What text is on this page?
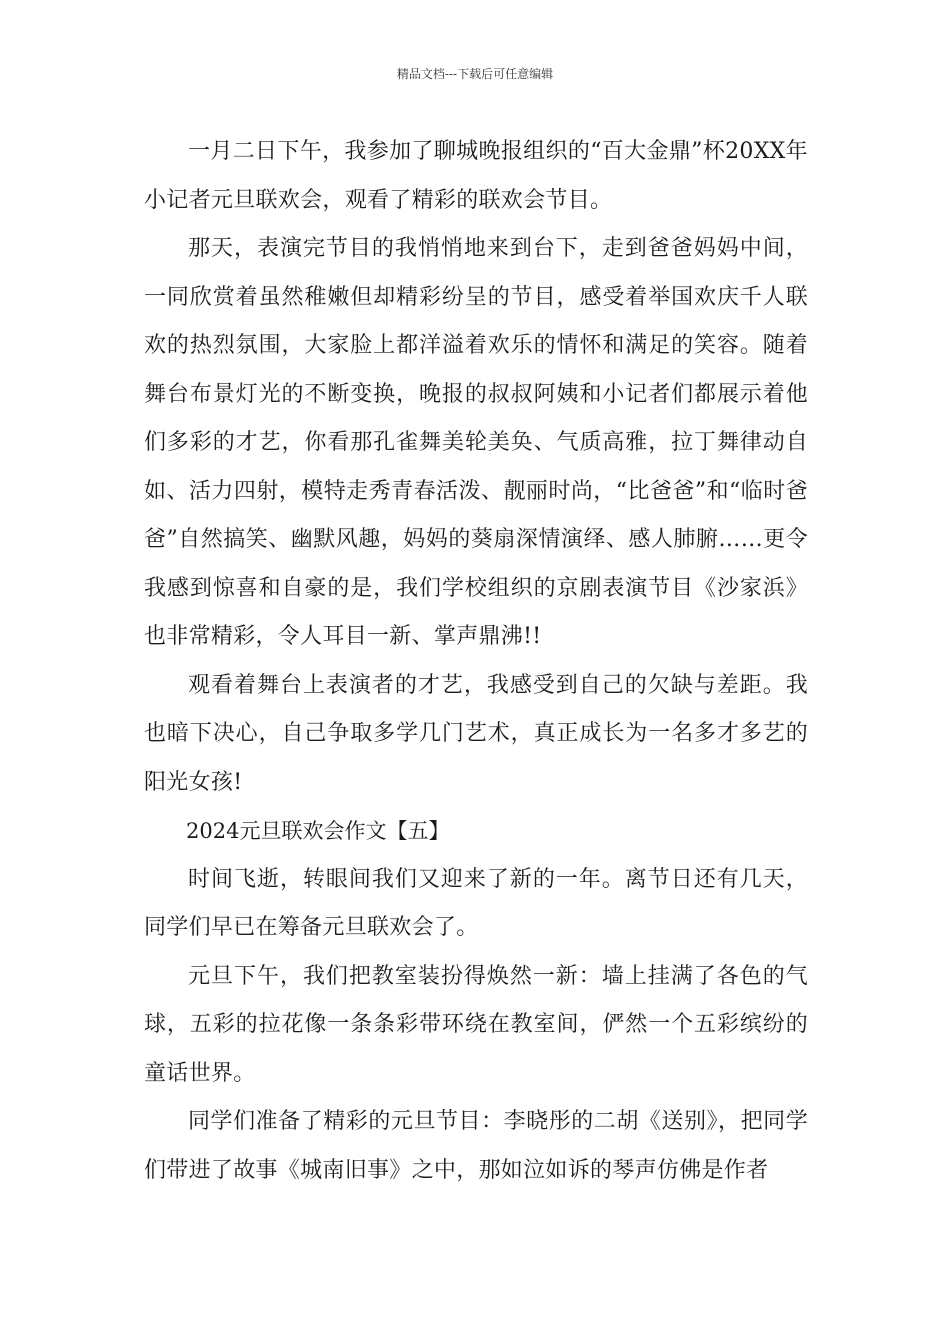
精品文档---下载后可任意编辑

一月二日下午，我参加了聊城晚报组织的“百大金鼎”杯20XX年小记者元旦联欢会，观看了精彩的联欢会节目。

那天，表演完节目的我悄悄地来到台下，走到爸爸妈妈中间，一同欣赏着虽然稚嫩但却精彩纷呈的节目，感受着举国欢庆千人联欢的热烈氛围，大家脸上都洋溢着欢乐的情怀和满足的笑容。随着舞台布景灯光的不断变换，晚报的叔叔阿姨和小记者们都展示着他们多彩的才艺，你看那孔雀舞美轮美奂、气质高雅，拉丁舞律动自如、活力四射，模特走秀青春活泼、靓丽时尚，“比爸爸”和“临时爸爸”自然搞笑、幽默风趣，妈妈的葵扇深情演绎、感人肺腑……更令我感到惊喜和自豪的是，我们学校组织的京剧表演节目《沙家浜》也非常精彩，令人耳目一新、掌声鼎沸!!

观看着舞台上表演者的才艺，我感受到自己的欠缺与差距。我也暗下决心，自己争取多学几门艺术，真正成长为一名多才多艺的阳光女孩!

2024元旦联欢会作文【五】

时间飞逝，转眼间我们又迎来了新的一年。离节日还有几天，同学们早已在筹备元旦联欢会了。

元旦下午，我们把教室装扮得焕然一新：墙上挂满了各色的气球，五彩的拉花像一条条彩带环绕在教室间，俨然一个五彩缤纷的童话世界。

同学们准备了精彩的元旦节目：李晓彤的二胡《送别》，把同学们带进了故事《城南旧事》之中，那如泣如诉的琴声仿佛是作者
